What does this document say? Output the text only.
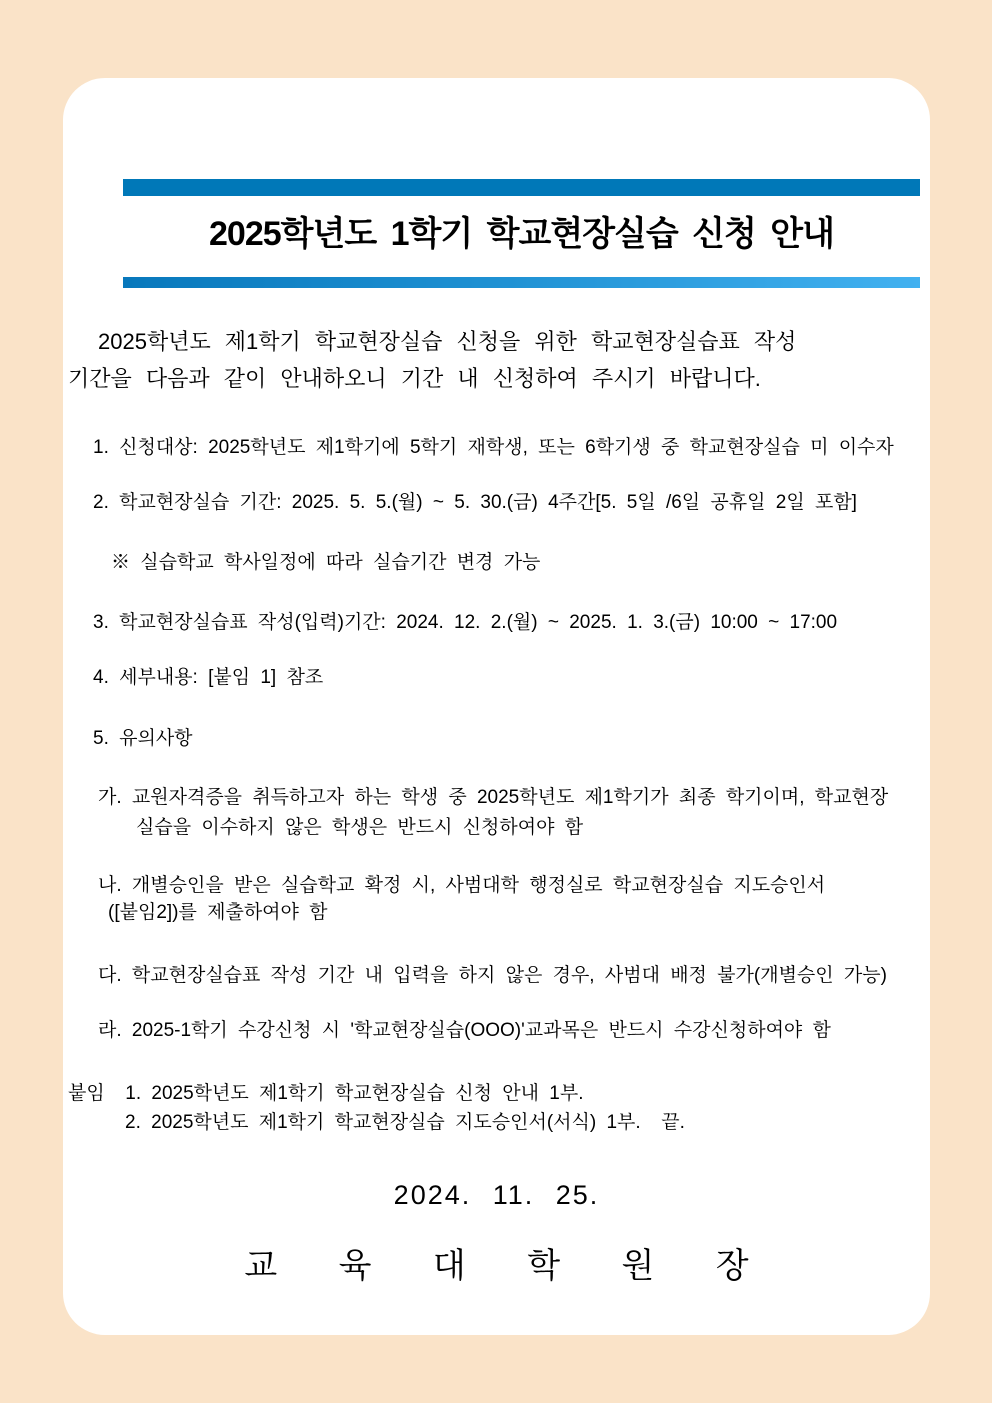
2025학년도 1학기 학교현장실습 신청 안내
2025학년도 제1학기 학교현장실습 신청을 위한 학교현장실습표 작성
기간을 다음과 같이 안내하오니 기간 내 신청하여 주시기 바랍니다.
1. 신청대상: 2025학년도 제1학기에 5학기 재학생, 또는 6학기생 중 학교현장실습 미 이수자
2. 학교현장실습 기간: 2025. 5. 5.(월) ~ 5. 30.(금) 4주간[5. 5일 /6일 공휴일 2일 포함]
※ 실습학교 학사일정에 따라 실습기간 변경 가능
3. 학교현장실습표 작성(입력)기간: 2024. 12. 2.(월) ~ 2025. 1. 3.(금) 10:00 ~ 17:00
4. 세부내용: [붙임 1] 참조
5. 유의사항
가. 교원자격증을 취득하고자 하는 학생 중 2025학년도 제1학기가 최종 학기이며, 학교현장
실습을 이수하지 않은 학생은 반드시 신청하여야 함
나. 개별승인을 받은 실습학교 확정 시, 사범대학 행정실로 학교현장실습 지도승인서
([붙임2])를 제출하여야 함
다. 학교현장실습표 작성 기간 내 입력을 하지 않은 경우, 사범대 배정 불가(개별승인 가능)
라. 2025-1학기 수강신청 시 '학교현장실습(OOO)'교과목은 반드시 수강신청하여야 함
붙임  1. 2025학년도 제1학기 학교현장실습 신청 안내 1부.
2. 2025학년도 제1학기 학교현장실습 지도승인서(서식) 1부.  끝.
2024. 11. 25.
교 육 대 학 원 장
